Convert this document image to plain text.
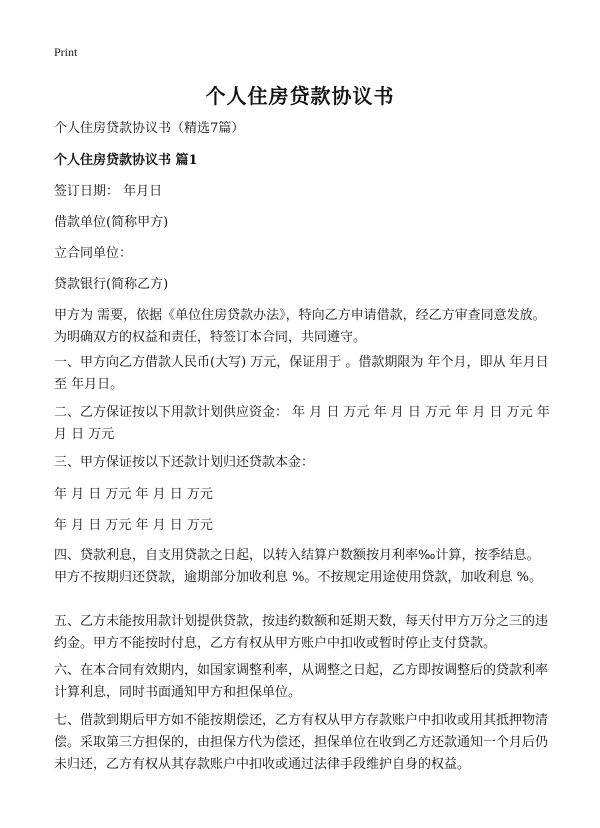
Print
个人住房贷款协议书

个人住房贷款协议书（精选7篇）

个人住房贷款协议书 篇1

签订日期： 年月日

借款单位(简称甲方)

立合同单位：

贷款银行(简称乙方)

甲方为 需要，依据《单位住房贷款办法》，特向乙方申请借款，经乙方审查同意发放。为明确双方的权益和责任，特签订本合同，共同遵守。

一、甲方向乙方借款人民币(大写) 万元，保证用于 。借款期限为 年个月，即从 年月日至 年月日。

二、乙方保证按以下用款计划供应资金： 年 月 日 万元 年 月 日 万元 年 月 日 万元 年 月 日 万元

三、甲方保证按以下还款计划归还贷款本金：

年 月 日 万元 年 月 日 万元

年 月 日 万元 年 月 日 万元

四、贷款利息，自支用贷款之日起，以转入结算户数额按月利率‰计算，按季结息。甲方不按期归还贷款，逾期部分加收利息 %。不按规定用途使用贷款，加收利息 %。

五、乙方未能按用款计划提供贷款，按违约数额和延期天数，每天付甲方万分之三的违约金。甲方不能按时付息，乙方有权从甲方账户中扣收或暂时停止支付贷款。

六、在本合同有效期内，如国家调整利率，从调整之日起，乙方即按调整后的贷款利率计算利息，同时书面通知甲方和担保单位。

七、借款到期后甲方如不能按期偿还，乙方有权从甲方存款账户中扣收或用其抵押物清偿。采取第三方担保的，由担保方代为偿还，担保单位在收到乙方还款通知一个月后仍未归还，乙方有权从其存款账户中扣收或通过法律手段维护自身的权益。
